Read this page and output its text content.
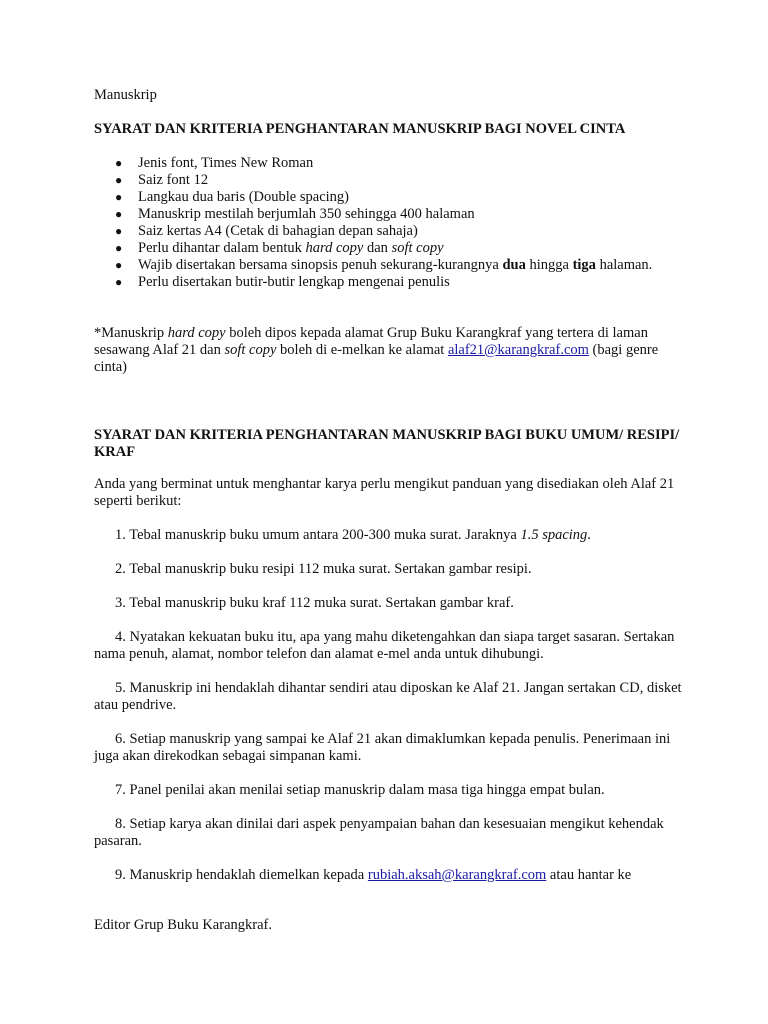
Manuskrip

SYARAT DAN KRITERIA PENGHANTARAN MANUSKRIP BAGI NOVEL CINTA

● Jenis font, Times New Roman
● Saiz font 12
● Langkau dua baris (Double spacing)
● Manuskrip mestilah berjumlah 350 sehingga 400 halaman
● Saiz kertas A4 (Cetak di bahagian depan sahaja)
● Perlu dihantar dalam bentuk hard copy dan soft copy
● Wajib disertakan bersama sinopsis penuh sekurang-kurangnya dua hingga tiga halaman.
● Perlu disertakan butir-butir lengkap mengenai penulis

*Manuskrip hard copy boleh dipos kepada alamat Grup Buku Karangkraf yang tertera di laman sesawang Alaf 21 dan soft copy boleh di e-melkan ke alamat alaf21@karangkraf.com (bagi genre cinta)

SYARAT DAN KRITERIA PENGHANTARAN MANUSKRIP BAGI BUKU UMUM/ RESIPI/ KRAF

Anda yang berminat untuk menghantar karya perlu mengikut panduan yang disediakan oleh Alaf 21 seperti berikut:

1. Tebal manuskrip buku umum antara 200-300 muka surat. Jaraknya 1.5 spacing.

2. Tebal manuskrip buku resipi 112 muka surat. Sertakan gambar resipi.

3. Tebal manuskrip buku kraf 112 muka surat. Sertakan gambar kraf.

4. Nyatakan kekuatan buku itu, apa yang mahu diketengahkan dan siapa target sasaran. Sertakan nama penuh, alamat, nombor telefon dan alamat e-mel anda untuk dihubungi.

5. Manuskrip ini hendaklah dihantar sendiri atau diposkan ke Alaf 21. Jangan sertakan CD, disket atau pendrive.

6. Setiap manuskrip yang sampai ke Alaf 21 akan dimaklumkan kepada penulis. Penerimaan ini juga akan direkodkan sebagai simpanan kami.

7. Panel penilai akan menilai setiap manuskrip dalam masa tiga hingga empat bulan.

8. Setiap karya akan dinilai dari aspek penyampaian bahan dan kesesuaian mengikut kehendak pasaran.

9. Manuskrip hendaklah diemelkan kepada rubiah.aksah@karangkraf.com atau hantar ke

Editor Grup Buku Karangkraf.
